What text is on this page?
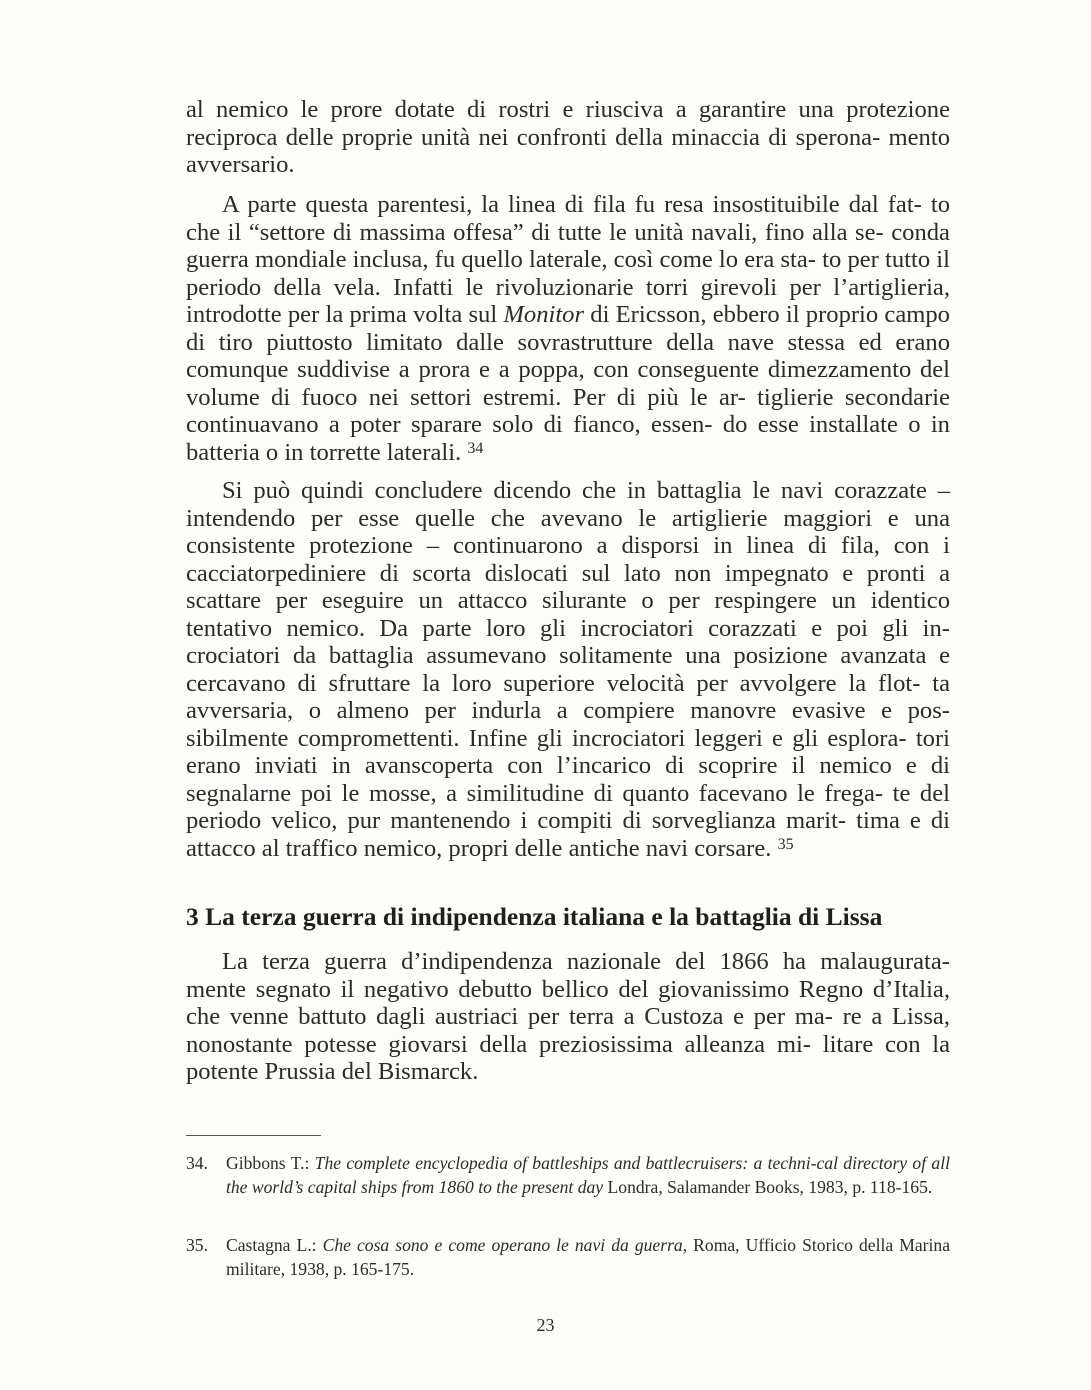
al nemico le prore dotate di rostri e riusciva a garantire una protezione reciproca delle proprie unità nei confronti della minaccia di sperona- mento avversario.

A parte questa parentesi, la linea di fila fu resa insostituibile dal fat- to che il “settore di massima offesa” di tutte le unità navali, fino alla se- conda guerra mondiale inclusa, fu quello laterale, così come lo era sta- to per tutto il periodo della vela. Infatti le rivoluzionarie torri girevoli per l’artiglieria, introdotte per la prima volta sul Monitor di Ericsson, ebbero il proprio campo di tiro piuttosto limitato dalle sovrastrutture della nave stessa ed erano comunque suddivise a prora e a poppa, con conseguente dimezzamento del volume di fuoco nei settori estremi. Per di più le ar- tiglierie secondarie continuavano a poter sparare solo di fianco, essen- do esse installate o in batteria o in torrette laterali. $^{34}$

Si può quindi concludere dicendo che in battaglia le navi corazzate – intendendo per esse quelle che avevano le artiglierie maggiori e una consistente protezione – continuarono a disporsi in linea di fila, con i cacciatorpediniere di scorta dislocati sul lato non impegnato e pronti a scattare per eseguire un attacco silurante o per respingere un identico tentativo nemico. Da parte loro gli incrociatori corazzati e poi gli in- crociatori da battaglia assumevano solitamente una posizione avanzata e cercavano di sfruttare la loro superiore velocità per avvolgere la flot- ta avversaria, o almeno per indurla a compiere manovre evasive e pos- sibilmente compromettenti. Infine gli incrociatori leggeri e gli esplora- tori erano inviati in avanscoperta con l’incarico di scoprire il nemico e di segnalarne poi le mosse, a similitudine di quanto facevano le frega- te del periodo velico, pur mantenendo i compiti di sorveglianza marit- tima e di attacco al traffico nemico, propri delle antiche navi corsare. $^{35}$

3 La terza guerra di indipendenza italiana e la battaglia di Lissa

La terza guerra d’indipendenza nazionale del 1866 ha malaugurata- mente segnato il negativo debutto bellico del giovanissimo Regno d’Italia, che venne battuto dagli austriaci per terra a Custoza e per ma- re a Lissa, nonostante potesse giovarsi della preziosissima alleanza mi- litare con la potente Prussia del Bismarck.

34. Gibbons T.: The complete encyclopedia of battleships and battlecruisers: a techni-cal directory of all the world’s capital ships from 1860 to the present day Londra, Salamander Books, 1983, p. 118-165.
35. Castagna L.: Che cosa sono e come operano le navi da guerra, Roma, Ufficio Storico della Marina militare, 1938, p. 165-175.
23
